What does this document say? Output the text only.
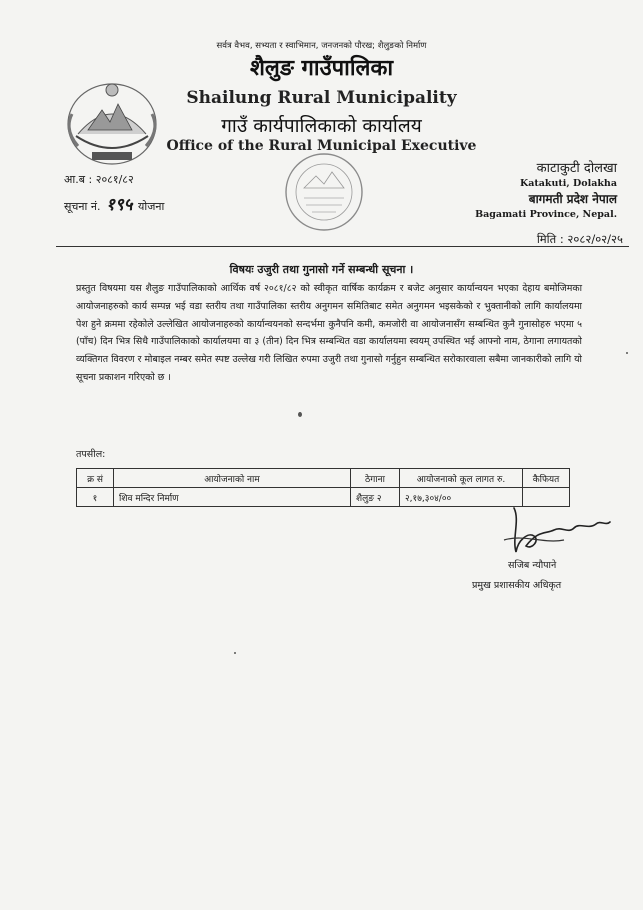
सर्वत्र वैभव, सभ्यता र स्वाभिमान, जनजनको पौरख; शैलुङको निर्माण
शैलुङ गाउँपालिका
Shailung Rural Municipality
गाउँ कार्यपालिकाको कार्यालय
Office of the Rural Municipal Executive
आ.ब : २०८१/८२
सूचना नं. १९५ योजना
काटाकुटी दोलखा
Katakuti, Dolakha
बागमती प्रदेश नेपाल
Bagamati Province, Nepal.
मिति : २०८२/०२/२५
विषयः उजुरी तथा गुनासो गर्ने सम्बन्धी सूचना ।
प्रस्तुत विषयमा यस शैलुङ गाउँपालिकाको आर्थिक वर्ष २०८१/८२ को स्वीकृत वार्षिक कार्यक्रम र बजेट अनुसार कार्यान्वयन भएका देहाय बमोजिमका आयोजनाहरुको कार्य सम्पन्न भई वडा स्तरीय तथा गाउँपालिका स्तरीय अनुगमन समितिबाट समेत अनुगमन भइसकेको र भुक्तानीको लागि कार्यालयमा पेश हुने क्रममा रहेकोले उल्लेखित आयोजनाहरुको कार्यान्वयनको सन्दर्भमा कुनैपनि कमी, कमजोरी वा आयोजनासँग सम्बन्धित कुनै गुनासोहरु भएमा ५ (पाँच) दिन भित्र सिधै गाउँपालिकाको कार्यालयमा वा ३ (तीन) दिन भित्र सम्बन्धित वडा कार्यालयमा स्वयम् उपस्थित भई आफ्नो नाम, ठेगाना लगायतको व्यक्तिगत विवरण र मोबाइल नम्बर समेत स्पष्ट उल्लेख गरी लिखित रुपमा उजुरी तथा गुनासो गर्नुहुन सम्बन्धित सरोकारवाला सबैमा जानकारीको लागि यो सूचना प्रकाशन गरिएको छ ।
तपसील:
क्र सं	आयोजनाको नाम	ठेगाना	आयोजनाको कूल लागत रु.	कैफियत
१	शिव मन्दिर निर्माण	शैलुङ २	२,१७,३०४/००	
सजिब न्यौपाने
प्रमुख प्रशासकीय अधिकृत
